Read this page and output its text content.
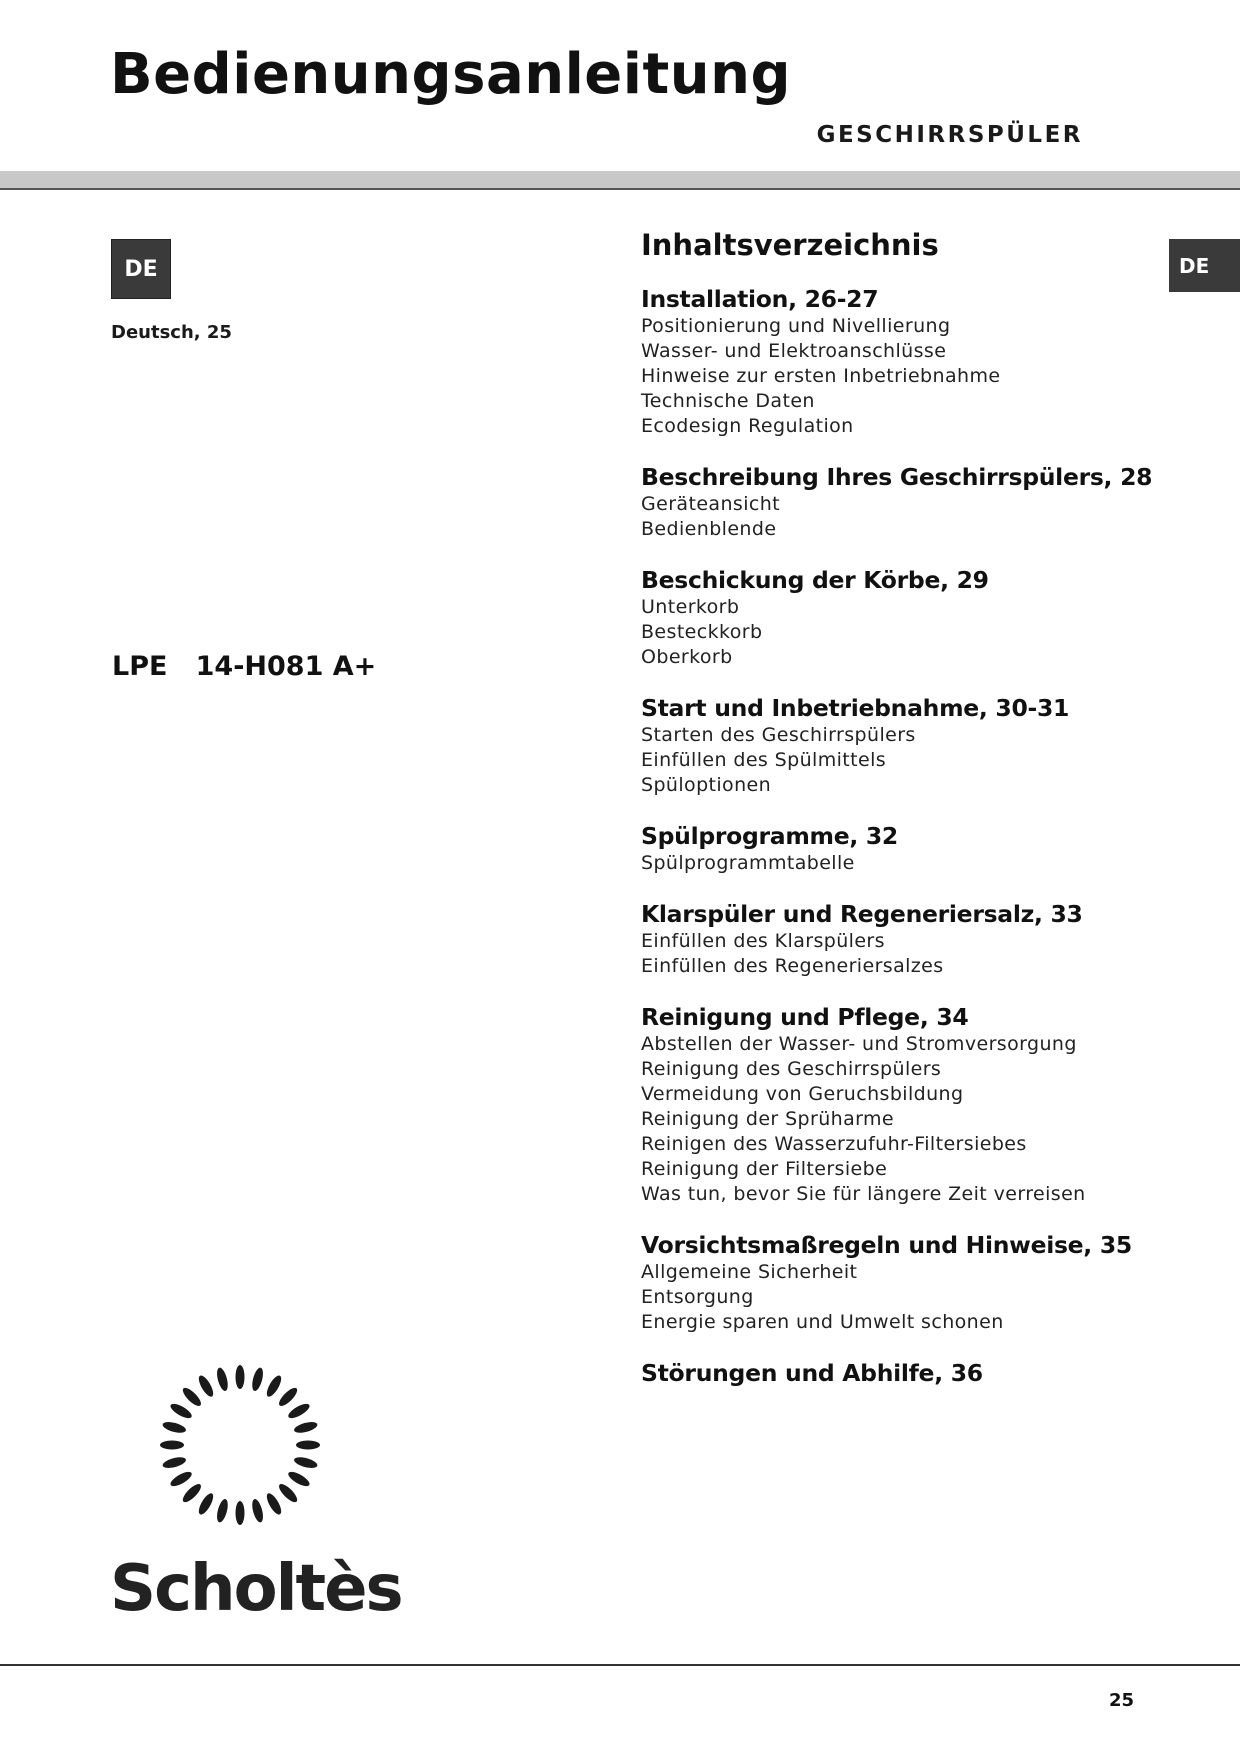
Bedienungsanleitung
GESCHIRRSPÜLER
DE
Deutsch, 25
LPE   14-H081 A+
DE
Scholtès
Inhaltsverzeichnis
Installation, 26-27
Positionierung und Nivellierung
Wasser- und Elektroanschlüsse
Hinweise zur ersten Inbetriebnahme
Technische Daten
Ecodesign Regulation
Beschreibung Ihres Geschirrspülers, 28
Geräteansicht
Bedienblende
Beschickung der Körbe, 29
Unterkorb
Besteckkorb
Oberkorb
Start und Inbetriebnahme, 30-31
Starten des Geschirrspülers
Einfüllen des Spülmittels
Spüloptionen
Spülprogramme, 32
Spülprogrammtabelle
Klarspüler und Regeneriersalz, 33
Einfüllen des Klarspülers
Einfüllen des Regeneriersalzes
Reinigung und Pflege, 34
Abstellen der Wasser- und Stromversorgung
Reinigung des Geschirrspülers
Vermeidung von Geruchsbildung
Reinigung der Sprüharme
Reinigen des Wasserzufuhr-Filtersiebes
Reinigung der Filtersiebe
Was tun, bevor Sie für längere Zeit verreisen
Vorsichtsmaßregeln und Hinweise, 35
Allgemeine Sicherheit
Entsorgung
Energie sparen und Umwelt schonen
Störungen und Abhilfe, 36
25
